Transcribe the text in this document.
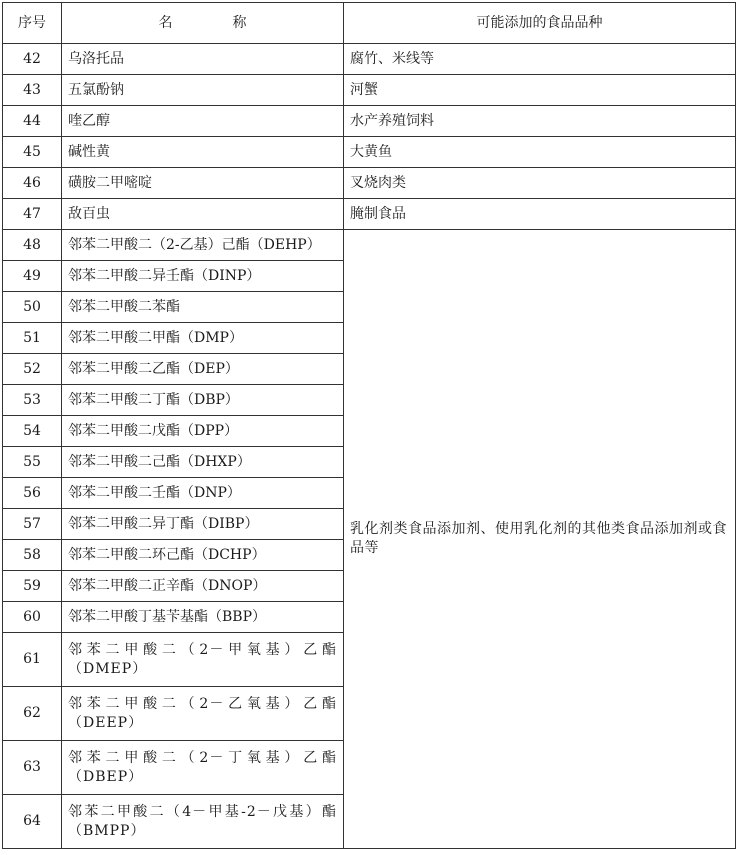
序号	名 称	可能添加的食品品种
42	乌洛托品	腐竹、米线等
43	五氯酚钠	河蟹
44	喹乙醇	水产养殖饲料
45	碱性黄	大黄鱼
46	磺胺二甲嘧啶	叉烧肉类
47	敌百虫	腌制食品
48	邻苯二甲酸二（2-乙基）己酯（DEHP）	乳化剂类食品添加剂、使用乳化剂的其他类食品添加剂或食品等
49	邻苯二甲酸二异壬酯（DINP）	
50	邻苯二甲酸二苯酯	
51	邻苯二甲酸二甲酯（DMP）	
52	邻苯二甲酸二乙酯（DEP）	
53	邻苯二甲酸二丁酯（DBP）	
54	邻苯二甲酸二戊酯（DPP）	
55	邻苯二甲酸二己酯（DHXP）	
56	邻苯二甲酸二壬酯（DNP）	
57	邻苯二甲酸二异丁酯（DIBP）	
58	邻苯二甲酸二环己酯（DCHP）	
59	邻苯二甲酸二正辛酯（DNOP）	
60	邻苯二甲酸丁基苄基酯（BBP）	
61	邻苯二甲酸二（2－甲氧基）乙酯（DMEP）	
62	邻苯二甲酸二（2－乙氧基）乙酯（DEEP）	
63	邻苯二甲酸二（2－丁氧基）乙酯（DBEP）	
64	邻苯二甲酸二（4－甲基-2－戊基）酯（BMPP）	
